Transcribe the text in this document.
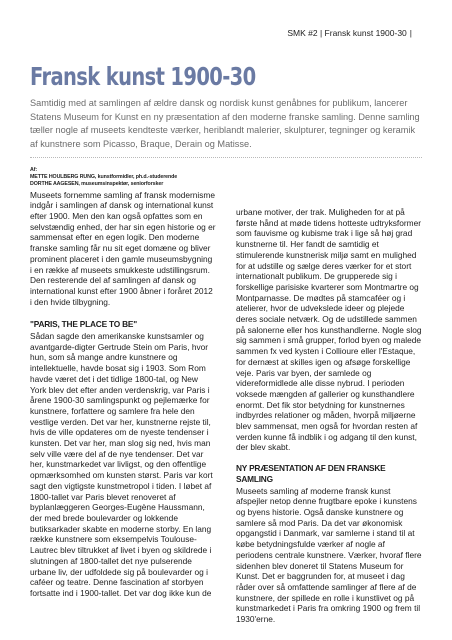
SMK #2 | Fransk kunst 1900-30 |
Fransk kunst 1900-30

Samtidig med at samlingen af ældre dansk og nordisk kunst genåbnes for publikum, lancerer Statens Museum for Kunst en ny præsentation af den moderne franske samling. Denne samling tæller nogle af museets kendteste værker, heriblandt malerier, skulpturer, tegninger og keramik af kunstnere som Picasso, Braque, Derain og Matisse.

Af:
METTE HOULBERG RUNG, kunstformidler, ph.d.-studerende
DORTHE AAGESEN, museumsinspektør, seniorforsker

Museets fornemme samling af fransk modernisme indgår i samlingen af dansk og international kunst efter 1900. Men den kan også opfattes som en selvstændig enhed, der har sin egen historie og er sammensat efter en egen logik. Den moderne franske samling får nu sit eget domæne og bliver prominent placeret i den gamle museumsbygning i en række af museets smukkeste udstillingsrum. Den resterende del af samlingen af dansk og international kunst efter 1900 åbner i foråret 2012 i den hvide tilbygning.

"PARIS, THE PLACE TO BE"

Sådan sagde den amerikanske kunstsamler og avantgarde-digter Gertrude Stein om Paris, hvor hun, som så mange andre kunstnere og intellektuelle, havde bosat sig i 1903. Som Rom havde været det i det tidlige 1800-tal, og New York blev det efter anden verdenskrig, var Paris i årene 1900-30 samlingspunkt og pejlemærke for kunstnere, forfattere og samlere fra hele den vestlige verden. Det var her, kunstnerne rejste til, hvis de ville opdateres om de nyeste tendenser i kunsten. Det var her, man slog sig ned, hvis man selv ville være del af de nye tendenser. Det var her, kunstmarkedet var livligst, og den offentlige opmærksomhed om kunsten størst. Paris var kort sagt den vigtigste kunstmetropol i tiden. I løbet af 1800-tallet var Paris blevet renoveret af byplanlæggeren Georges-Eugène Haussmann, der med brede boulevarder og lokkende butiksarkader skabte en moderne storby. En lang række kunstnere som eksempelvis Toulouse-Lautrec blev tiltrukket af livet i byen og skildrede i slutningen af 1800-tallet det nye pulserende urbane liv, der udfoldede sig på boulevarder og i caféer og teatre. Denne fascination af storbyen fortsatte ind i 1900-tallet. Det var dog ikke kun de

urbane motiver, der trak. Muligheden for at på første hånd at møde tidens hotteste udtryksformer som fauvisme og kubisme trak i lige så høj grad kunstnerne til. Her fandt de samtidig et stimulerende kunstnerisk miljø samt en mulighed for at udstille og sælge deres værker for et stort internationalt publikum. De grupperede sig i forskellige parisiske kvarterer som Montmartre og Montparnasse. De mødtes på stamcaféer og i atelierer, hvor de udvekslede ideer og plejede deres sociale netværk. Og de udstillede sammen på salonerne eller hos kunsthandlerne. Nogle slog sig sammen i små grupper, forlod byen og malede sammen fx ved kysten i Collioure eller l'Estaque, for dernæst at skilles igen og afsøge forskellige veje. Paris var byen, der samlede og videreformidlede alle disse nybrud. I perioden voksede mængden af gallerier og kunsthandlere enormt. Det fik stor betydning for kunstnernes indbyrdes relationer og måden, hvorpå miljøerne blev sammensat, men også for hvordan resten af verden kunne få indblik i og adgang til den kunst, der blev skabt.

NY PRÆSENTATION AF DEN FRANSKE SAMLING

Museets samling af moderne fransk kunst afspejler netop denne frugtbare epoke i kunstens og byens historie. Også danske kunstnere og samlere så mod Paris. Da det var økonomisk opgangstid i Danmark, var samlerne i stand til at købe betydningsfulde værker af nogle af periodens centrale kunstnere. Værker, hvoraf flere sidenhen blev doneret til Statens Museum for Kunst. Det er baggrunden for, at museet i dag råder over så omfattende samlinger af flere af de kunstnere, der spillede en rolle i kunstlivet og på kunstmarkedet i Paris fra omkring 1900 og frem til 1930'erne.
